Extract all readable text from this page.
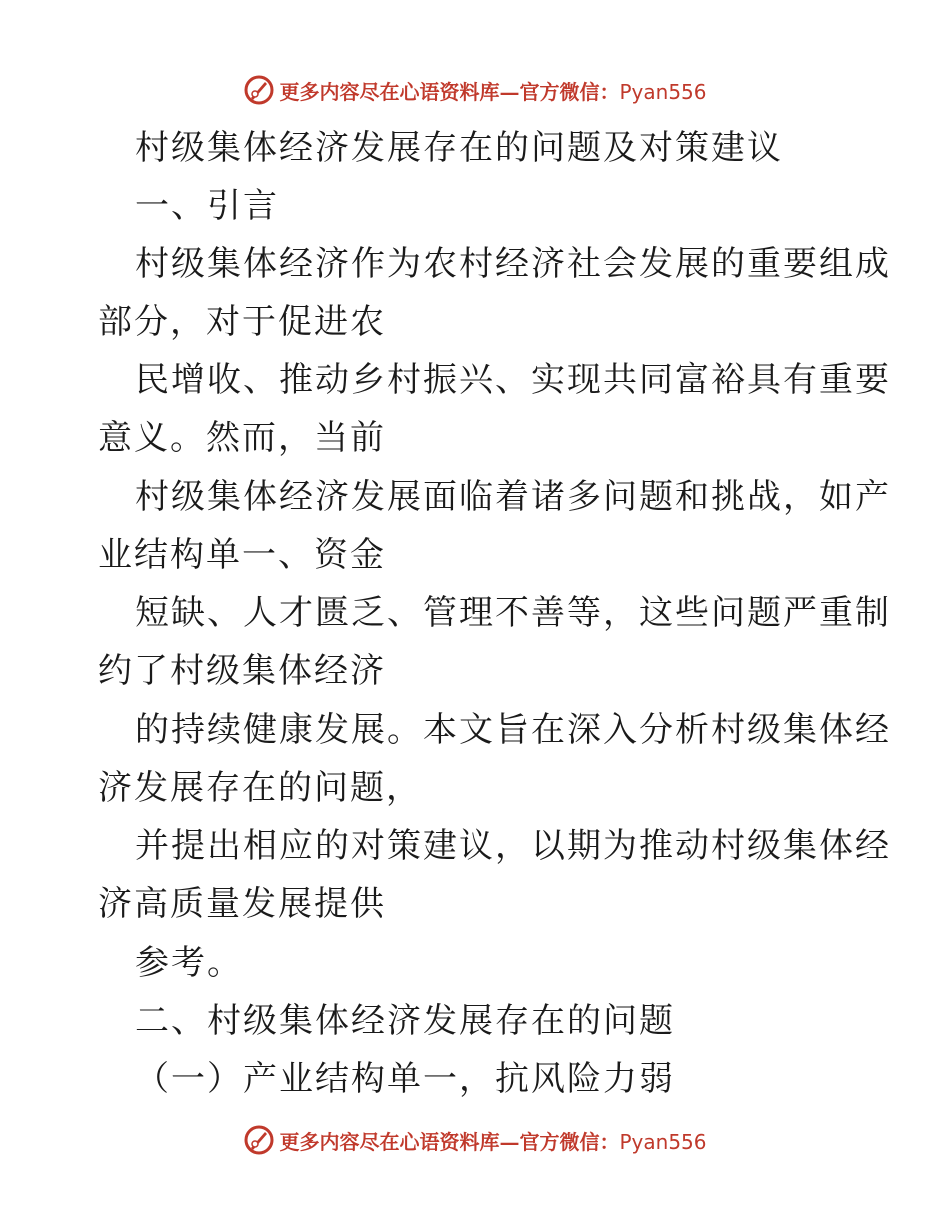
更多内容尽在心语资料库—官方微信：Pyan556
村级集体经济发展存在的问题及对策建议
一、引言
村级集体经济作为农村经济社会发展的重要组成
部分，对于促进农
民增收、推动乡村振兴、实现共同富裕具有重要
意义。然而，当前
村级集体经济发展面临着诸多问题和挑战，如产
业结构单一、资金
短缺、人才匮乏、管理不善等，这些问题严重制
约了村级集体经济
的持续健康发展。本文旨在深入分析村级集体经
济发展存在的问题，
并提出相应的对策建议，以期为推动村级集体经
济高质量发展提供
参考。
二、村级集体经济发展存在的问题
（一）产业结构单一，抗风险力弱
更多内容尽在心语资料库—官方微信：Pyan556
